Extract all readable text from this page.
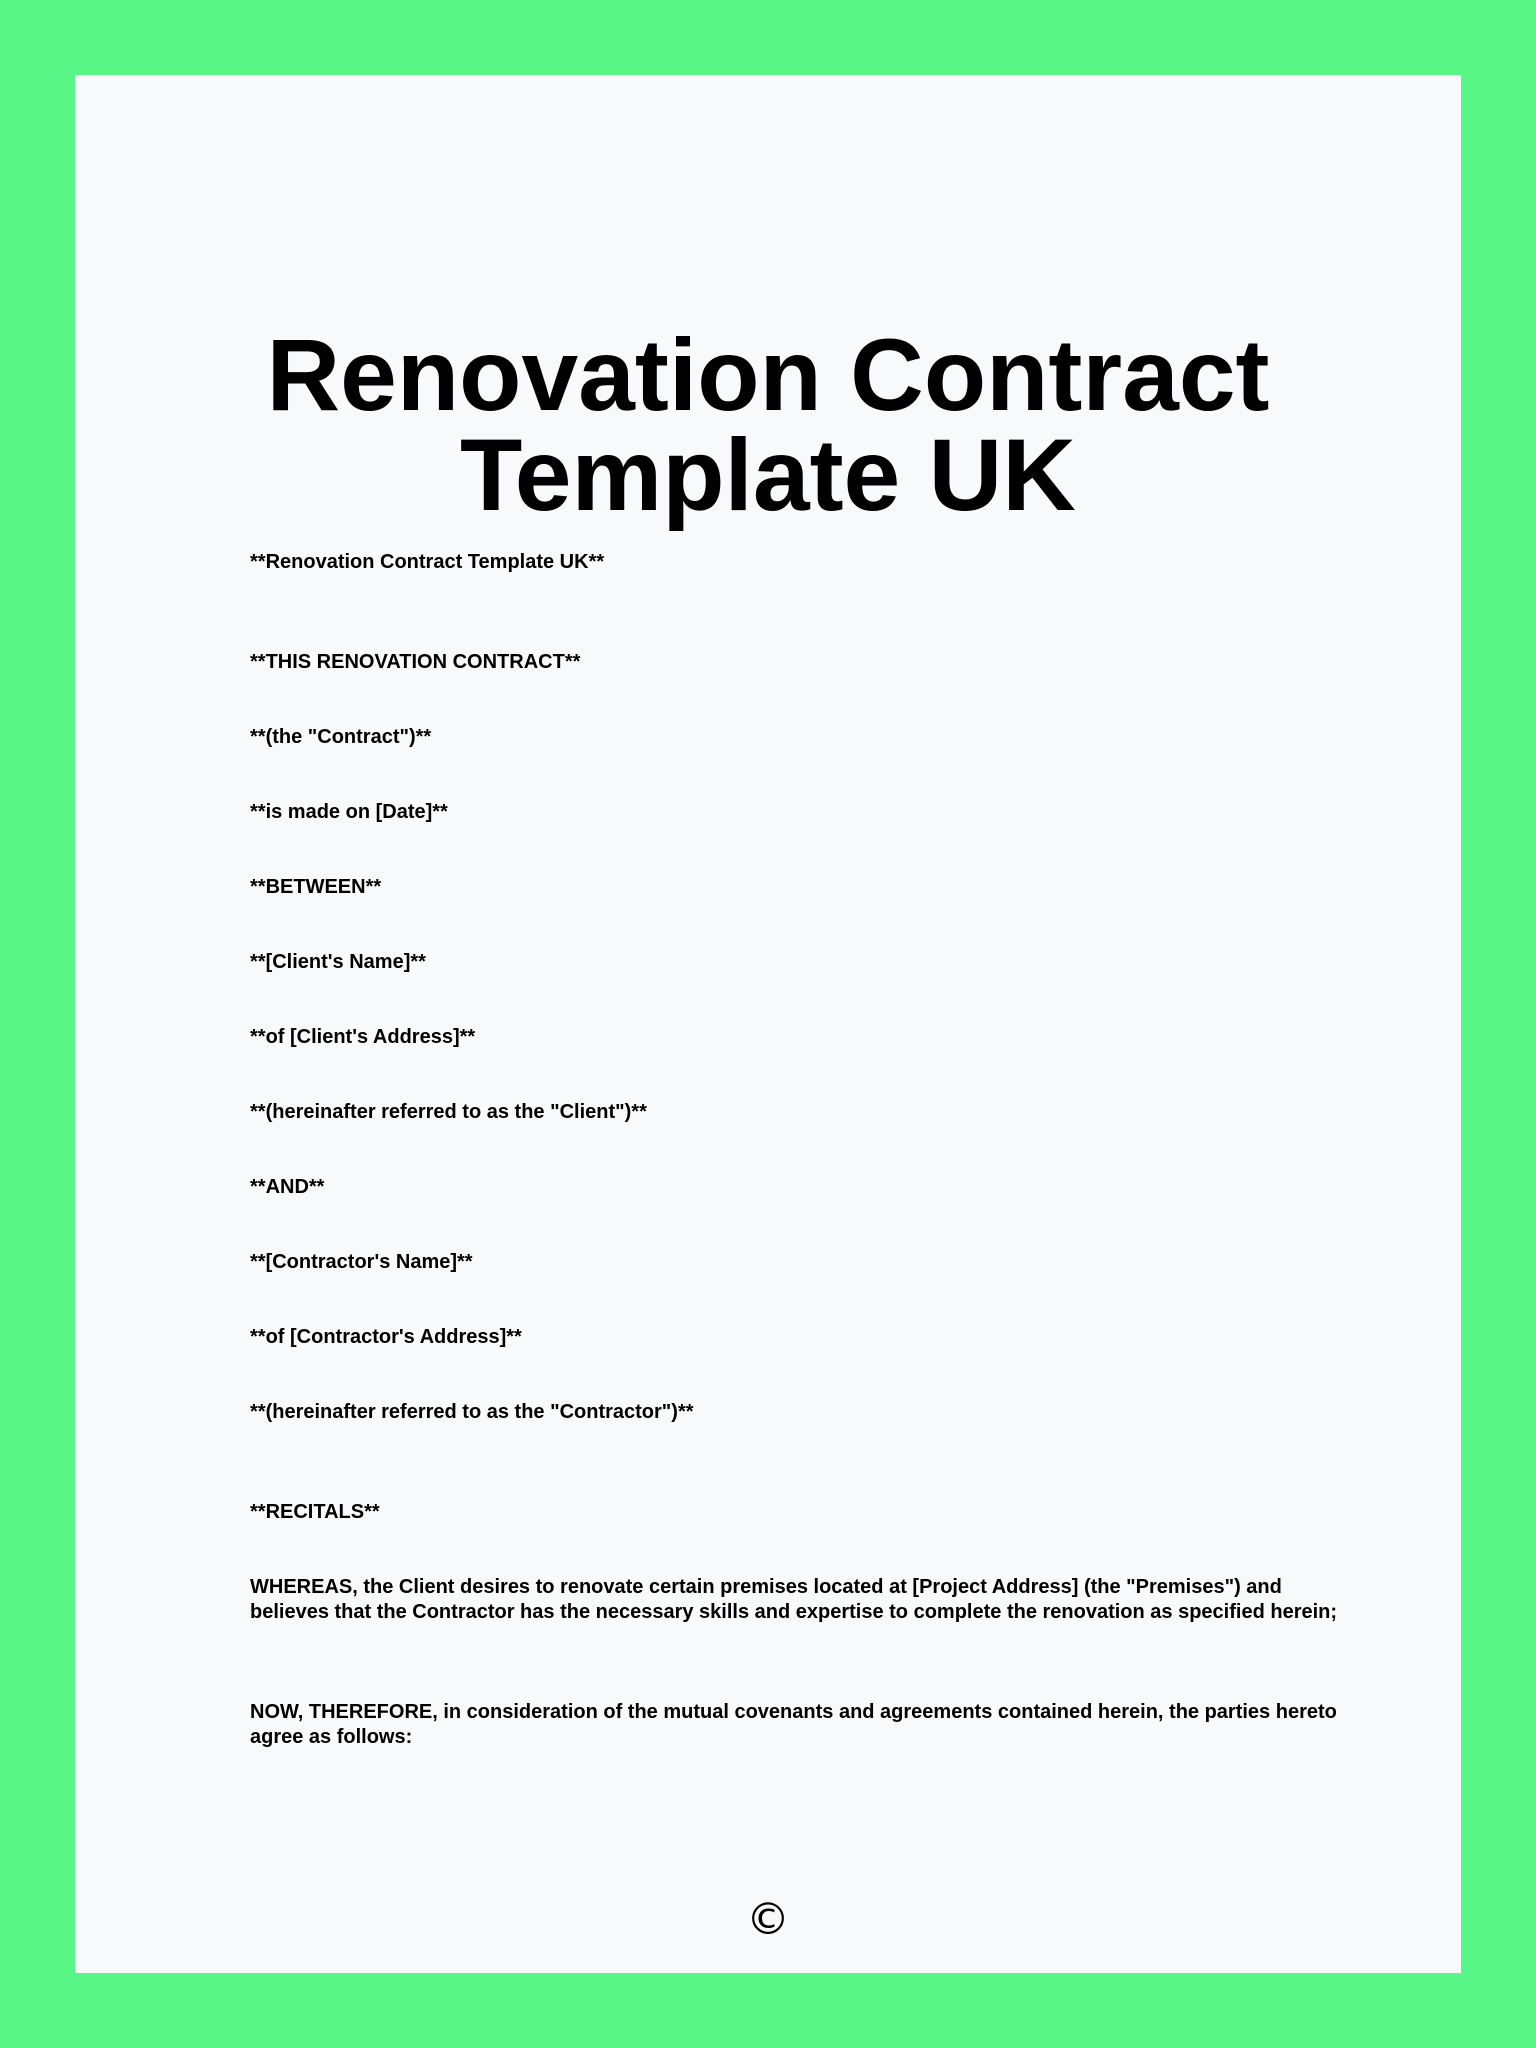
Renovation Contract Template UK

**Renovation Contract Template UK**

**THIS RENOVATION CONTRACT**

**(the "Contract")**

**is made on [Date]**

**BETWEEN**

**[Client's Name]**

**of [Client's Address]**

**(hereinafter referred to as the "Client")**

**AND**

**[Contractor's Name]**

**of [Contractor's Address]**

**(hereinafter referred to as the "Contractor")**

**RECITALS**

WHEREAS, the Client desires to renovate certain premises located at [Project Address] (the "Premises") and believes that the Contractor has the necessary skills and expertise to complete the renovation as specified herein;

NOW, THEREFORE, in consideration of the mutual covenants and agreements contained herein, the parties hereto agree as follows:

©
